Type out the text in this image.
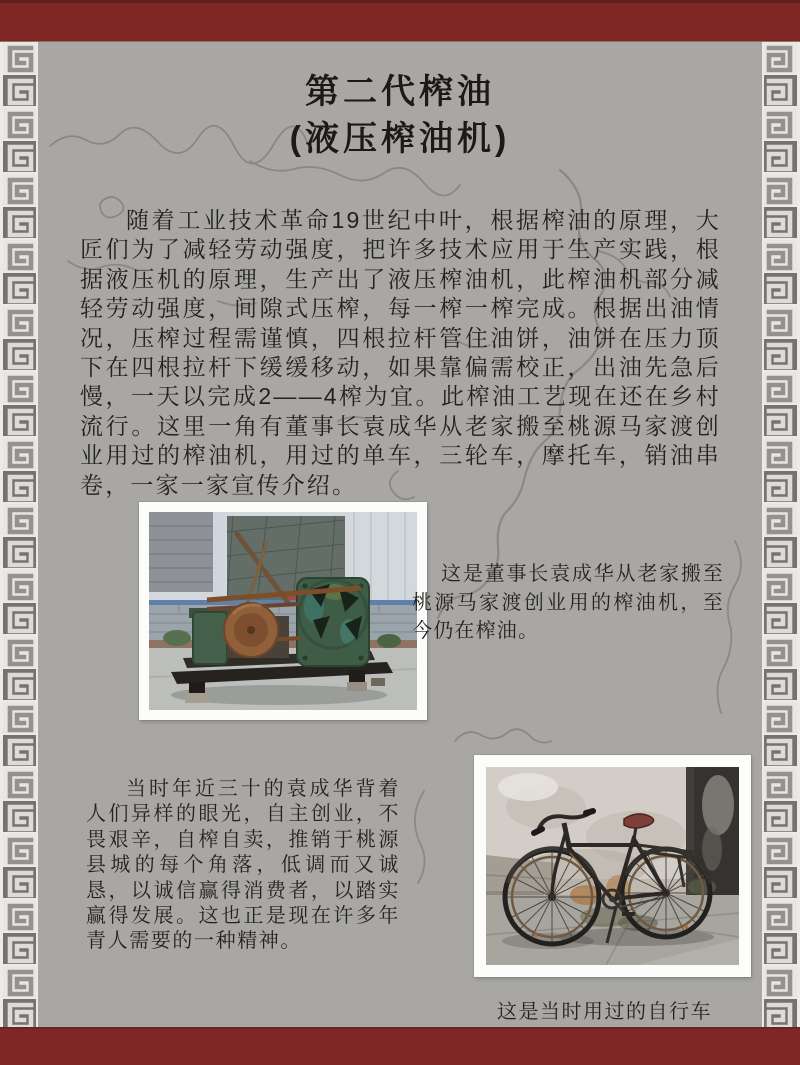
第二代榨油
(液压榨油机)

随着工业技术革命19世纪中叶，根据榨油的原理，大匠们为了减轻劳动强度，把许多技术应用于生产实践，根据液压机的原理，生产出了液压榨油机，此榨油机部分减轻劳动强度，间隙式压榨，每一榨一榨完成。根据出油情况，压榨过程需谨慎，四根拉杆管住油饼，油饼在压力顶下在四根拉杆下缓缓移动，如果靠偏需校正，出油先急后慢，一天以完成2——4榨为宜。此榨油工艺现在还在乡村流行。这里一角有董事长袁成华从老家搬至桃源马家渡创业用过的榨油机，用过的单车，三轮车，摩托车，销油串卷，一家一家宣传介绍。

这是董事长袁成华从老家搬至桃源马家渡创业用的榨油机，至今仍在榨油。

当时年近三十的袁成华背着人们异样的眼光，自主创业，不畏艰辛，自榨自卖，推销于桃源县城的每个角落，低调而又诚恳，以诚信赢得消费者，以踏实赢得发展。这也正是现在许多年青人需要的一种精神。

这是当时用过的自行车
